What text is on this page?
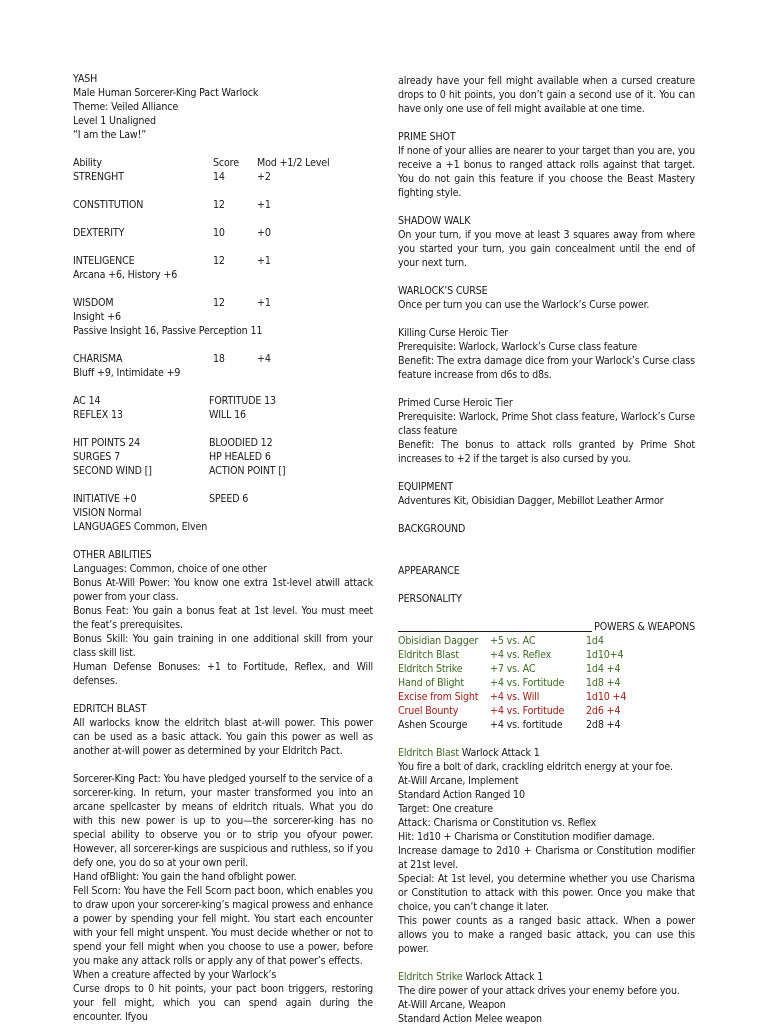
YASH

Male Human Sorcerer-King Pact Warlock

Theme: Veiled Alliance

Level 1 Unaligned

“I am the Law!”

Ability	Score	Mod +1/2 Level
STRENGHT	14	+2
CONSTITUTION	12	+1
DEXTERITY	10	+0
INTELIGENCE	12	+1

Arcana +6, History +6

WISDOM	12	+1

Insight +6

Passive Insight 16, Passive Perception 11

CHARISMA	18	+4

Bluff +9, Intimidate +9

AC 14	FORTITUDE 13
REFLEX 13	WILL 16
HIT POINTS 24	BLOODIED 12
SURGES 7	HP HEALED 6
SECOND WIND []	ACTION POINT []
INITIATIVE +0	SPEED 6

VISION Normal

LANGUAGES Common, Elven

OTHER ABILITIES

Languages: Common, choice of one other

Bonus At-Will Power: You know one extra 1st-level atwill attack power from your class.

Bonus Feat: You gain a bonus feat at 1st level. You must meet the feat’s prerequisites.

Bonus Skill: You gain training in one additional skill from your class skill list.

Human Defense Bonuses: +1 to Fortitude, Reflex, and Will defenses.

EDRITCH BLAST

All warlocks know the eldritch blast at-will power. This power can be used as a basic attack. You gain this power as well as another at-will power as determined by your Eldritch Pact.

Sorcerer-King Pact: You have pledged yourself to the service of a sorcerer-king. In return, your master transformed you into an arcane spellcaster by means of eldritch rituals. What you do with this new power is up to you—the sorcerer-king has no special ability to observe you or to strip you ofyour power. However, all sorcerer-kings are suspicious and ruthless, so if you defy one, you do so at your own peril.

Hand ofBlight: You gain the hand ofblight power.

Fell Scorn: You have the Fell Scorn pact boon, which enables you to draw upon your sorcerer-king’s magical prowess and enhance a power by spending your fell might. You start each encounter with your fell might unspent. You must decide whether or not to spend your fell might when you choose to use a power, before you make any attack rolls or apply any of that power’s effects.

When a creature affected by your Warlock’s

Curse drops to 0 hit points, your pact boon triggers, restoring your fell might, which you can spend again during the encounter. Ifyou

already have your fell might available when a cursed creature drops to 0 hit points, you don’t gain a second use of it. You can have only one use of fell might available at one time.

PRIME SHOT

If none of your allies are nearer to your target than you are, you receive a +1 bonus to ranged attack rolls against that target. You do not gain this feature if you choose the Beast Mastery fighting style.

SHADOW WALK

On your turn, if you move at least 3 squares away from where you started your turn, you gain concealment until the end of your next turn.

WARLOCK’S CURSE

Once per turn you can use the Warlock’s Curse power.

Killing Curse Heroic Tier

Prerequisite: Warlock, Warlock’s Curse class feature

Benefit: The extra damage dice from your Warlock’s Curse class feature increase from d6s to d8s.

Primed Curse Heroic Tier

Prerequisite: Warlock, Prime Shot class feature, Warlock’s Curse class feature

Benefit: The bonus to attack rolls granted by Prime Shot increases to +2 if the target is also cursed by you.

EQUIPMENT

Adventures Kit, Obisidian Dagger, Mebillot Leather Armor

BACKGROUND

APPEARANCE

PERSONALITY

POWERS & WEAPONS
Obisidian Dagger	+5 vs. AC	1d4
Eldritch Blast	+4 vs. Reflex	1d10+4
Eldritch Strike	+7 vs. AC	1d4 +4
Hand of Blight	+4 vs. Fortitude	1d8 +4
Excise from Sight	+4 vs. Will	1d10 +4
Cruel Bounty	+4 vs. Fortitude	2d6 +4
Ashen Scourge	+4 vs. fortitude	2d8 +4

Eldritch Blast Warlock Attack 1

You fire a bolt of dark, crackling eldritch energy at your foe.

At-Will Arcane, Implement

Standard Action Ranged 10

Target: One creature

Attack: Charisma or Constitution vs. Reflex

Hit: 1d10 + Charisma or Constitution modifier damage.

Increase damage to 2d10 + Charisma or Constitution modifier at 21st level.

Special: At 1st level, you determine whether you use Charisma or Constitution to attack with this power. Once you make that choice, you can’t change it later.

This power counts as a ranged basic attack. When a power allows you to make a ranged basic attack, you can use this power.

Eldritch Strike Warlock Attack 1

The dire power of your attack drives your enemy before you.

At-Will Arcane, Weapon

Standard Action Melee weapon
